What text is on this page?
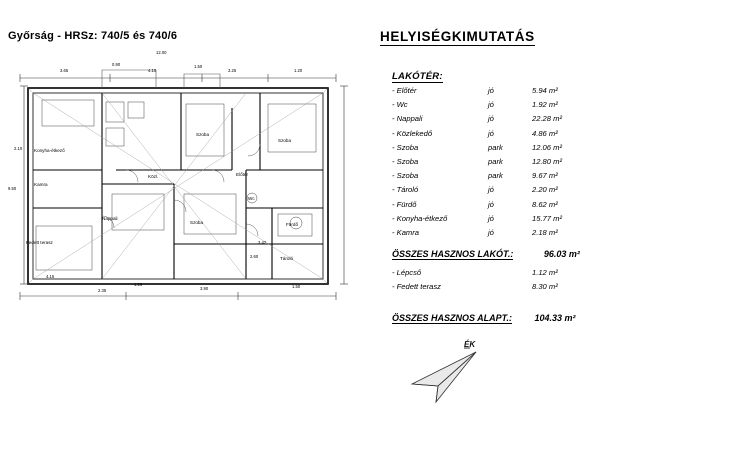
Győrság - HRSz: 740/5 és 740/6
Konyha-étkező
Nappali
Szoba
Szoba
Szoba	Fürdő
Fedett terasz
Előtér
Wc
Kamra
Tároló
Közl.
12.00
3.65	4.10	3.25	1.20
9.50
2.10
3.42
1.25
2.60
4.15
3.90
2.35
1.50
0.90	1.50
HELYISÉGKIMUTATÁS
LAKÓTÉR:
- Előtér	jó	5.94 m²
- Wc	jó	1.92 m²
- Nappali	jó	22.28 m²
- Közlekedő	jó	4.86 m²
- Szoba	park	12.06 m²
- Szoba	park	12.80 m²
- Szoba	park	9.67 m²
- Tároló	jó	2.20 m²
- Fürdő	jó	8.62 m²
- Konyha-étkező	jó	15.77 m²
- Kamra	jó	2.18 m²
ÖSSZES HASZNOS LAKÓT.:	96.03 m²
- Lépcső	1.12 m²
- Fedett terasz	8.30 m²
ÖSSZES HASZNOS ALAPT.:	104.33 m²
ÉK
